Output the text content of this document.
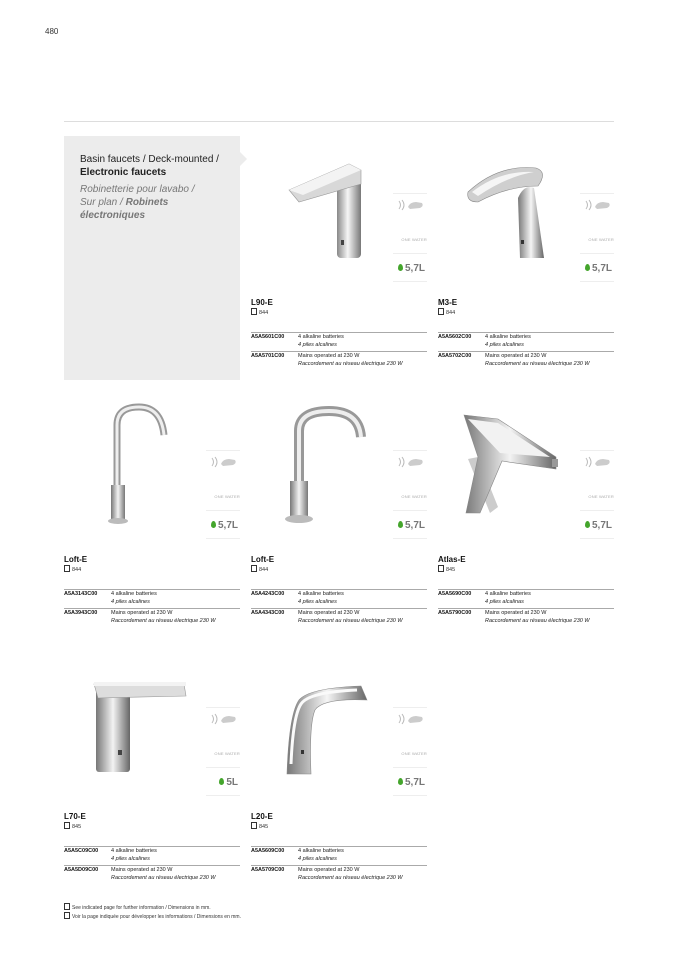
480
Basin faucets / Deck-mounted /
Electronic faucets
Robinetterie pour lavabo /
Sur plan / Robinets
électroniques
ONE WATER
5,7L
L90-E
844
A5A5601C00 4 alkaline batteries
4 piles alcalines
A5A5701C00 Mains operated at 230 W
Raccordement au réseau électrique 230 W
ONE WATER
5,7L
M3-E
844
A5A5602C00 4 alkaline batteries
4 piles alcalines
A5A5702C00 Mains operated at 230 W
Raccordement au réseau électrique 230 W
ONE WATER
5,7L
Loft-E
844
A5A3143C00 4 alkaline batteries
4 piles alcalines
A5A3943C00 Mains operated at 230 W
Raccordement au réseau électrique 230 W
ONE WATER
5,7L
Loft-E
844
A5A4243C00 4 alkaline batteries
4 piles alcalines
A5A4343C00 Mains operated at 230 W
Raccordement au réseau électrique 230 W
ONE WATER
5,7L
Atlas-E
845
A5A5690C00 4 alkaline batteries
4 piles alcalinas
A5A5790C00 Mains operated at 230 W
Raccordement au réseau électrique 230 W
ONE WATER
5L
L70-E
845
A5A5C09C00 4 alkaline batteries
4 piles alcalines
A5A5D09C00 Mains operated at 230 W
Raccordement au réseau électrique 230 W
ONE WATER
5,7L
L20-E
845
A5A5609C00 4 alkaline batteries
4 piles alcalines
A5A5709C00 Mains operated at 230 W
Raccordement au réseau électrique 230 W
See indicated page for further information / Dimensions in mm.
Voir la page indiquée pour développer les informations / Dimensions en mm.
